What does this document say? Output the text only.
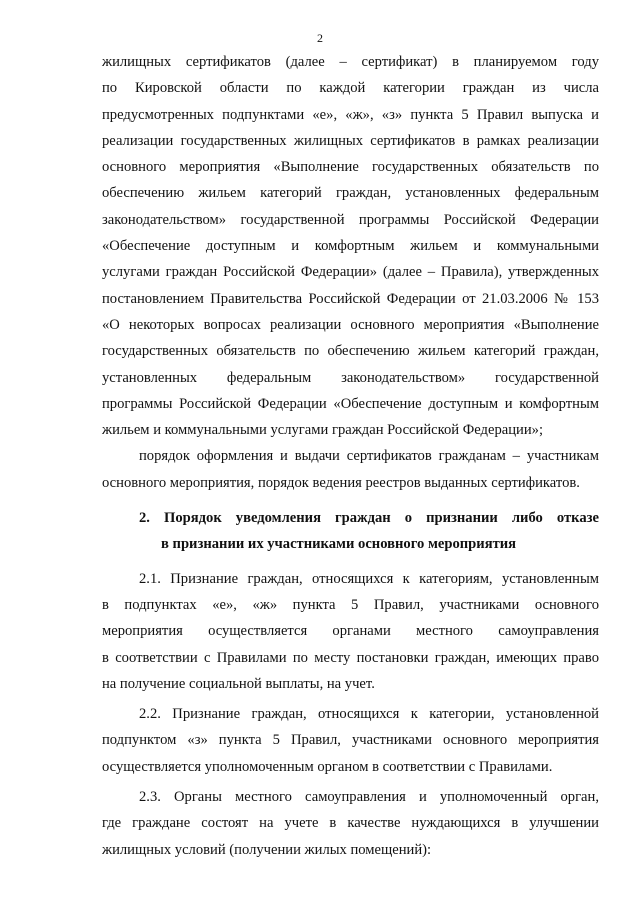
2
жилищных сертификатов (далее – сертификат) в планируемом году
по Кировской области по каждой категории граждан из числа
предусмотренных подпунктами «е», «ж», «з» пункта 5 Правил выпуска и
реализации государственных жилищных сертификатов в рамках реализации
основного мероприятия «Выполнение государственных обязательств по
обеспечению жильем категорий граждан, установленных федеральным
законодательством» государственной программы Российской Федерации
«Обеспечение доступным и комфортным жильем и коммунальными
услугами граждан Российской Федерации» (далее – Правила), утвержденных
постановлением Правительства Российской Федерации от 21.03.2006 № 153
«О некоторых вопросах реализации основного мероприятия «Выполнение
государственных обязательств по обеспечению жильем категорий граждан,
установленных федеральным законодательством» государственной
программы Российской Федерации «Обеспечение доступным и комфортным
жильем и коммунальными услугами граждан Российской Федерации»;
порядок оформления и выдачи сертификатов гражданам – участникам
основного мероприятия, порядок ведения реестров выданных сертификатов.
2. Порядок уведомления граждан о признании либо отказе
в признании их участниками основного мероприятия
2.1. Признание граждан, относящихся к категориям, установленным
в подпунктах «е», «ж» пункта 5 Правил, участниками основного
мероприятия осуществляется органами местного самоуправления
в соответствии с Правилами по месту постановки граждан, имеющих право
на получение социальной выплаты, на учет.
2.2. Признание граждан, относящихся к категории, установленной
подпунктом «з» пункта 5 Правил, участниками основного мероприятия
осуществляется уполномоченным органом в соответствии с Правилами.
2.3. Органы местного самоуправления и уполномоченный орган,
где граждане состоят на учете в качестве нуждающихся в улучшении
жилищных условий (получении жилых помещений):
